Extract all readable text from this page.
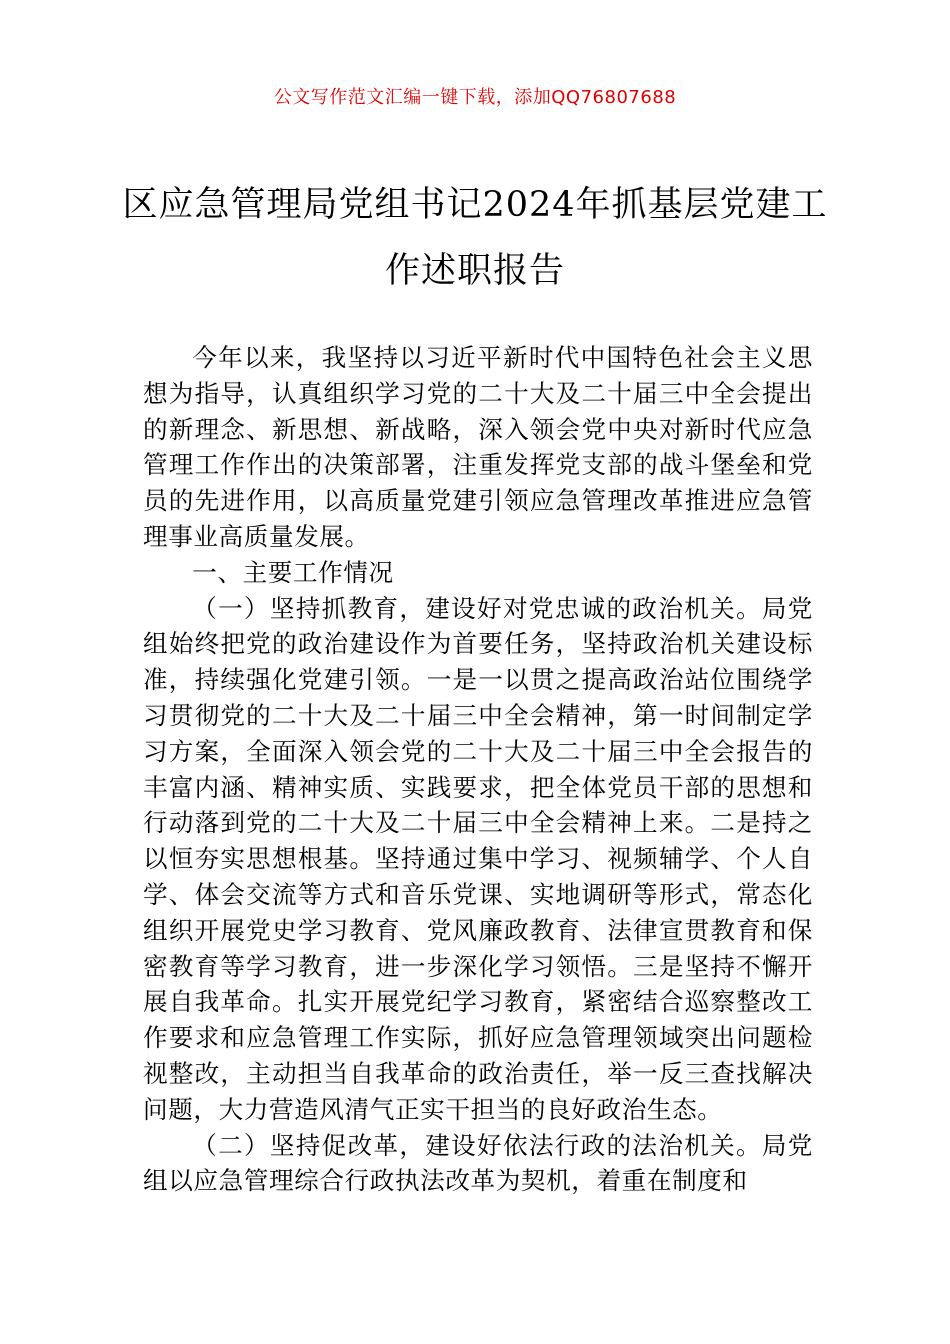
公文写作范文汇编一键下载，添加QQ76807688
区应急管理局党组书记2024年抓基层党建工作述职报告

今年以来，我坚持以习近平新时代中国特色社会主义思想为指导，认真组织学习党的二十大及二十届三中全会提出的新理念、新思想、新战略，深入领会党中央对新时代应急管理工作作出的决策部署，注重发挥党支部的战斗堡垒和党员的先进作用，以高质量党建引领应急管理改革推进应急管理事业高质量发展。

一、主要工作情况

（一）坚持抓教育，建设好对党忠诚的政治机关。局党组始终把党的政治建设作为首要任务，坚持政治机关建设标准，持续强化党建引领。一是一以贯之提高政治站位围绕学习贯彻党的二十大及二十届三中全会精神，第一时间制定学习方案，全面深入领会党的二十大及二十届三中全会报告的丰富内涵、精神实质、实践要求，把全体党员干部的思想和行动落到党的二十大及二十届三中全会精神上来。二是持之以恒夯实思想根基。坚持通过集中学习、视频辅学、个人自学、体会交流等方式和音乐党课、实地调研等形式，常态化组织开展党史学习教育、党风廉政教育、法律宣贯教育和保密教育等学习教育，进一步深化学习领悟。三是坚持不懈开展自我革命。扎实开展党纪学习教育，紧密结合巡察整改工作要求和应急管理工作实际，抓好应急管理领域突出问题检视整改，主动担当自我革命的政治责任，举一反三查找解决问题，大力营造风清气正实干担当的良好政治生态。

（二）坚持促改革，建设好依法行政的法治机关。局党组以应急管理综合行政执法改革为契机，着重在制度和
